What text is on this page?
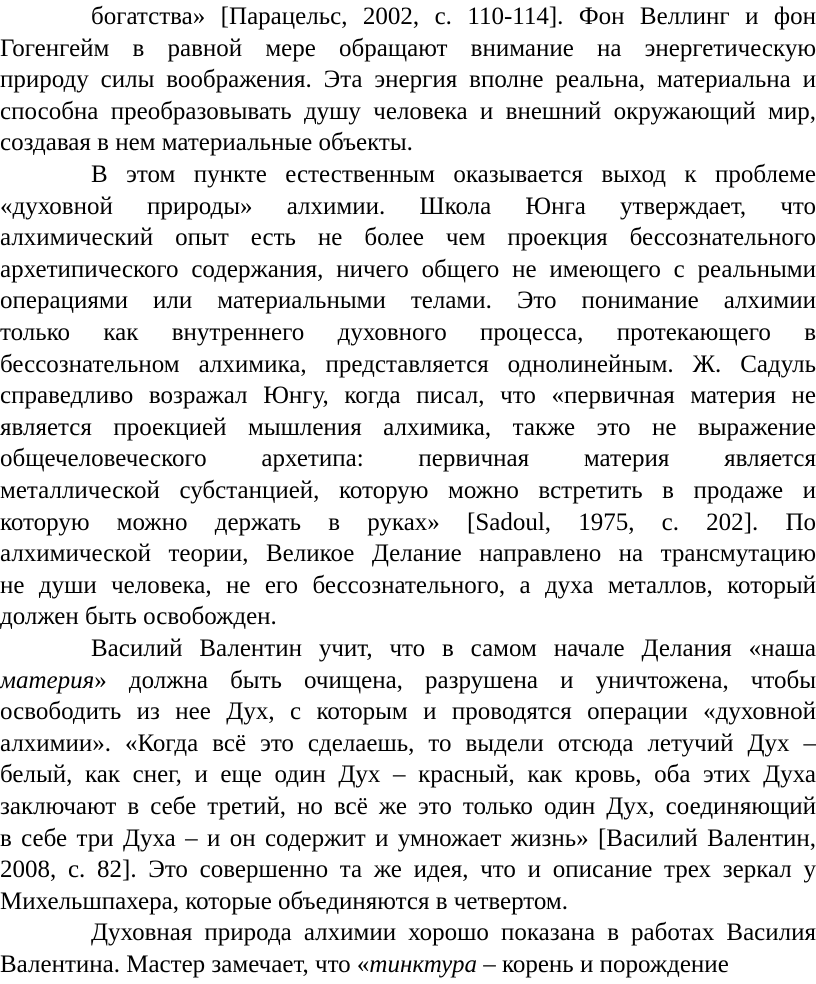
богатства» [Парацельс, 2002, с. 110-114]. Фон Веллинг и фон
Гогенгейм в равной мере обращают внимание на энергетическую
природу силы воображения. Эта энергия вполне реальна, материальна и
способна преобразовывать душу человека и внешний окружающий мир,
создавая в нем материальные объекты.
В этом пункте естественным оказывается выход к проблеме
«духовной природы» алхимии. Школа Юнга утверждает, что
алхимический опыт есть не более чем проекция бессознательного
архетипического содержания, ничего общего не имеющего с реальными
операциями или материальными телами. Это понимание алхимии
только как внутреннего духовного процесса, протекающего в
бессознательном алхимика, представляется однолинейным. Ж. Садуль
справедливо возражал Юнгу, когда писал, что «первичная материя не
является проекцией мышления алхимика, также это не выражение
общечеловеческого архетипа: первичная материя является
металлической субстанцией, которую можно встретить в продаже и
которую можно держать в руках» [Sadoul, 1975, с. 202]. По
алхимической теории, Великое Делание направлено на трансмутацию
не души человека, не его бессознательного, а духа металлов, который
должен быть освобожден.
Василий Валентин учит, что в самом начале Делания «наша
материя» должна быть очищена, разрушена и уничтожена, чтобы
освободить из нее Дух, с которым и проводятся операции «духовной
алхимии». «Когда всё это сделаешь, то выдели отсюда летучий Дух –
белый, как снег, и еще один Дух – красный, как кровь, оба этих Духа
заключают в себе третий, но всё же это только один Дух, соединяющий
в себе три Духа – и он содержит и умножает жизнь» [Василий Валентин,
2008, с. 82]. Это совершенно та же идея, что и описание трех зеркал у
Михельшпахера, которые объединяются в четвертом.
Духовная природа алхимии хорошо показана в работах Василия
Валентина. Мастер замечает, что «тинктура – корень и порождение
